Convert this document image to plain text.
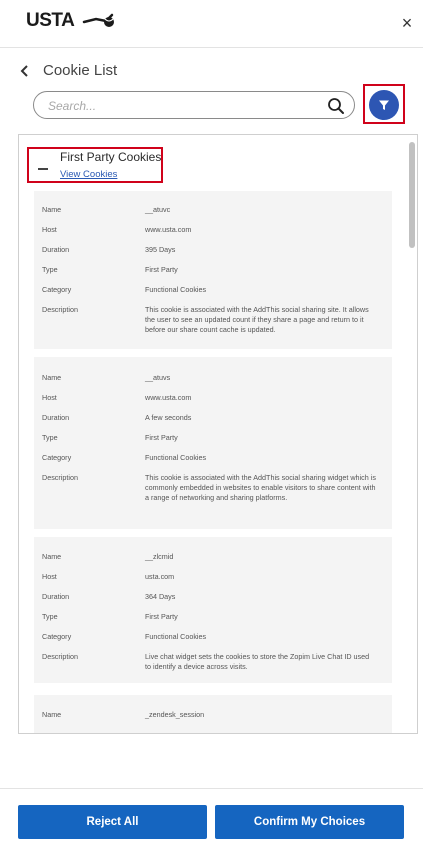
USTA	×
Cookie List
Search...
First Party Cookies
View Cookies
Name	__atuvc
Host	www.usta.com
Duration	395 Days
Type	First Party
Category	Functional Cookies
Description	This cookie is associated with the AddThis social sharing site. It allows the user to see an updated count if they share a page and return to it before our share count cache is updated.
Name	__atuvs
Host	www.usta.com
Duration	A few seconds
Type	First Party
Category	Functional Cookies
Description	This cookie is associated with the AddThis social sharing widget which is commonly embedded in websites to enable visitors to share content with a range of networking and sharing platforms.
Name	__zlcmid
Host	usta.com
Duration	364 Days
Type	First Party
Category	Functional Cookies
Description	Live chat widget sets the cookies to store the Zopim Live Chat ID used to identify a device across visits.
Name	_zendesk_session
Reject All	Confirm My Choices
